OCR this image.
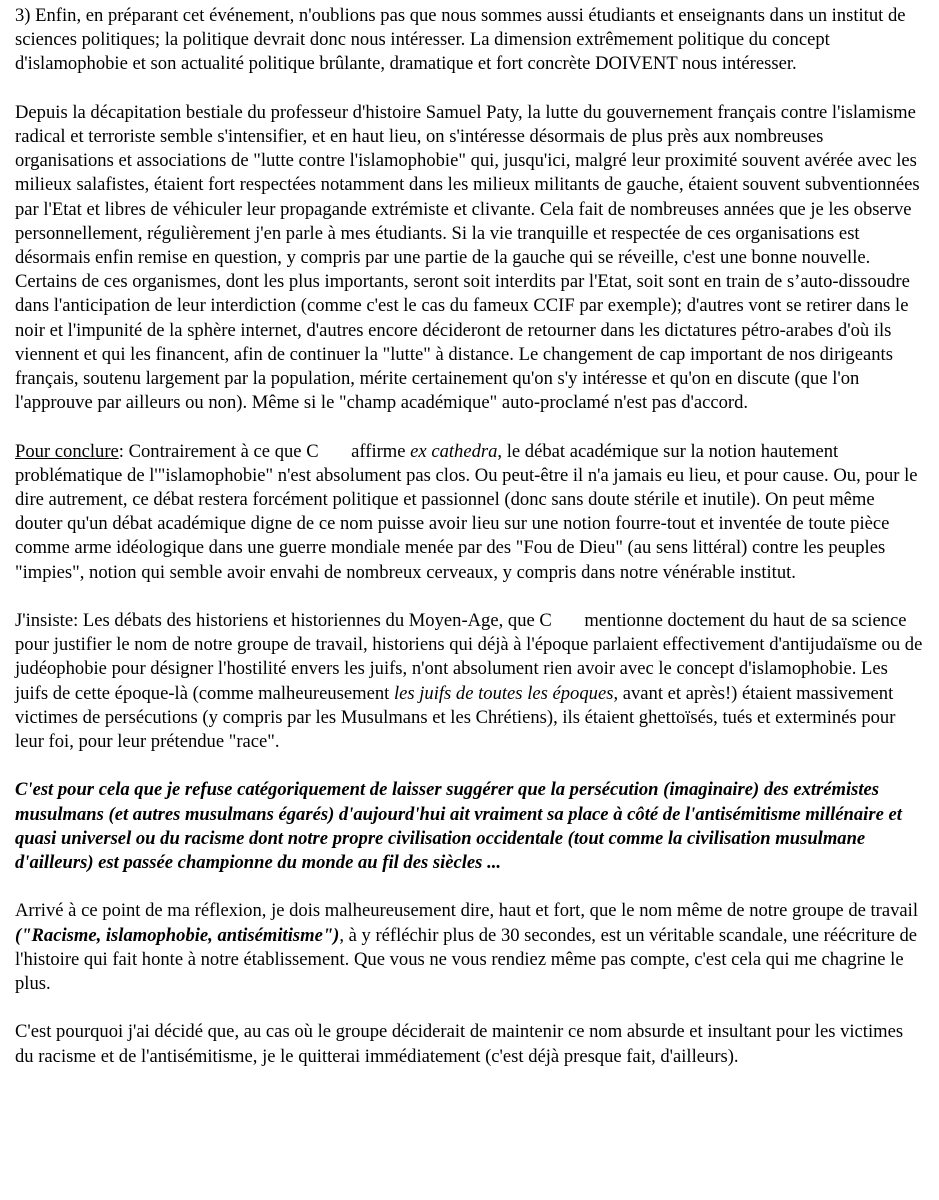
3) Enfin, en préparant cet événement, n'oublions pas que nous sommes aussi étudiants et enseignants dans un institut de sciences politiques; la politique devrait donc nous intéresser. La dimension extrêmement politique du concept d'islamophobie et son actualité politique brûlante, dramatique et fort concrète DOIVENT nous intéresser.

Depuis la décapitation bestiale du professeur d'histoire Samuel Paty, la lutte du gouvernement français contre l'islamisme radical et terroriste semble s'intensifier, et en haut lieu, on s'intéresse désormais de plus près aux nombreuses organisations et associations de "lutte contre l'islamophobie" qui, jusqu'ici, malgré leur proximité souvent avérée avec les milieux salafistes, étaient fort respectées notamment dans les milieux militants de gauche, étaient souvent subventionnées par l'Etat et libres de véhiculer leur propagande extrémiste et clivante. Cela fait de nombreuses années que je les observe personnellement, régulièrement j'en parle à mes étudiants. Si la vie tranquille et respectée de ces organisations est désormais enfin remise en question, y compris par une partie de la gauche qui se réveille, c'est une bonne nouvelle. Certains de ces organismes, dont les plus importants, seront soit interdits par l'Etat, soit sont en train de s’auto-dissoudre dans l'anticipation de leur interdiction (comme c'est le cas du fameux CCIF par exemple); d'autres vont se retirer dans le noir et l'impunité de la sphère internet, d'autres encore décideront de retourner dans les dictatures pétro-arabes d'où ils viennent et qui les financent, afin de continuer la "lutte" à distance. Le changement de cap important de nos dirigeants français, soutenu largement par la population, mérite certainement qu'on s'y intéresse et qu'on en discute (que l'on l'approuve par ailleurs ou non). Même si le "champ académique" auto-proclamé n'est pas d'accord.

Pour conclure: Contrairement à ce que C       affirme ex cathedra, le débat académique sur la notion hautement problématique de l'"islamophobie" n'est absolument pas clos. Ou peut-être il n'a jamais eu lieu, et pour cause. Ou, pour le dire autrement, ce débat restera forcément politique et passionnel (donc sans doute stérile et inutile). On peut même douter qu'un débat académique digne de ce nom puisse avoir lieu sur une notion fourre-tout et inventée de toute pièce comme arme idéologique dans une guerre mondiale menée par des "Fou de Dieu" (au sens littéral) contre les peuples "impies", notion qui semble avoir envahi de nombreux cerveaux, y compris dans notre vénérable institut.

J'insiste: Les débats des historiens et historiennes du Moyen-Age, que C       mentionne doctement du haut de sa science pour justifier le nom de notre groupe de travail, historiens qui déjà à l'époque parlaient effectivement d'antijudaïsme ou de judéophobie pour désigner l'hostilité envers les juifs, n'ont absolument rien avoir avec le concept d'islamophobie. Les juifs de cette époque-là (comme malheureusement les juifs de toutes les époques, avant et après!) étaient massivement victimes de persécutions (y compris par les Musulmans et les Chrétiens), ils étaient ghettoïsés, tués et exterminés pour leur foi, pour leur prétendue "race".

C'est pour cela que je refuse catégoriquement de laisser suggérer que la persécution (imaginaire) des extrémistes musulmans (et autres musulmans égarés) d'aujourd'hui ait vraiment sa place à côté de l'antisémitisme millénaire et quasi universel ou du racisme dont notre propre civilisation occidentale (tout comme la civilisation musulmane d'ailleurs) est passée championne du monde au fil des siècles ...

Arrivé à ce point de ma réflexion, je dois malheureusement dire, haut et fort, que le nom même de notre groupe de travail ("Racisme, islamophobie, antisémitisme"), à y réfléchir plus de 30 secondes, est un véritable scandale, une réécriture de l'histoire qui fait honte à notre établissement. Que vous ne vous rendiez même pas compte, c'est cela qui me chagrine le plus.

C'est pourquoi j'ai décidé que, au cas où le groupe déciderait de maintenir ce nom absurde et insultant pour les victimes du racisme et de l'antisémitisme, je le quitterai immédiatement (c'est déjà presque fait, d'ailleurs).
